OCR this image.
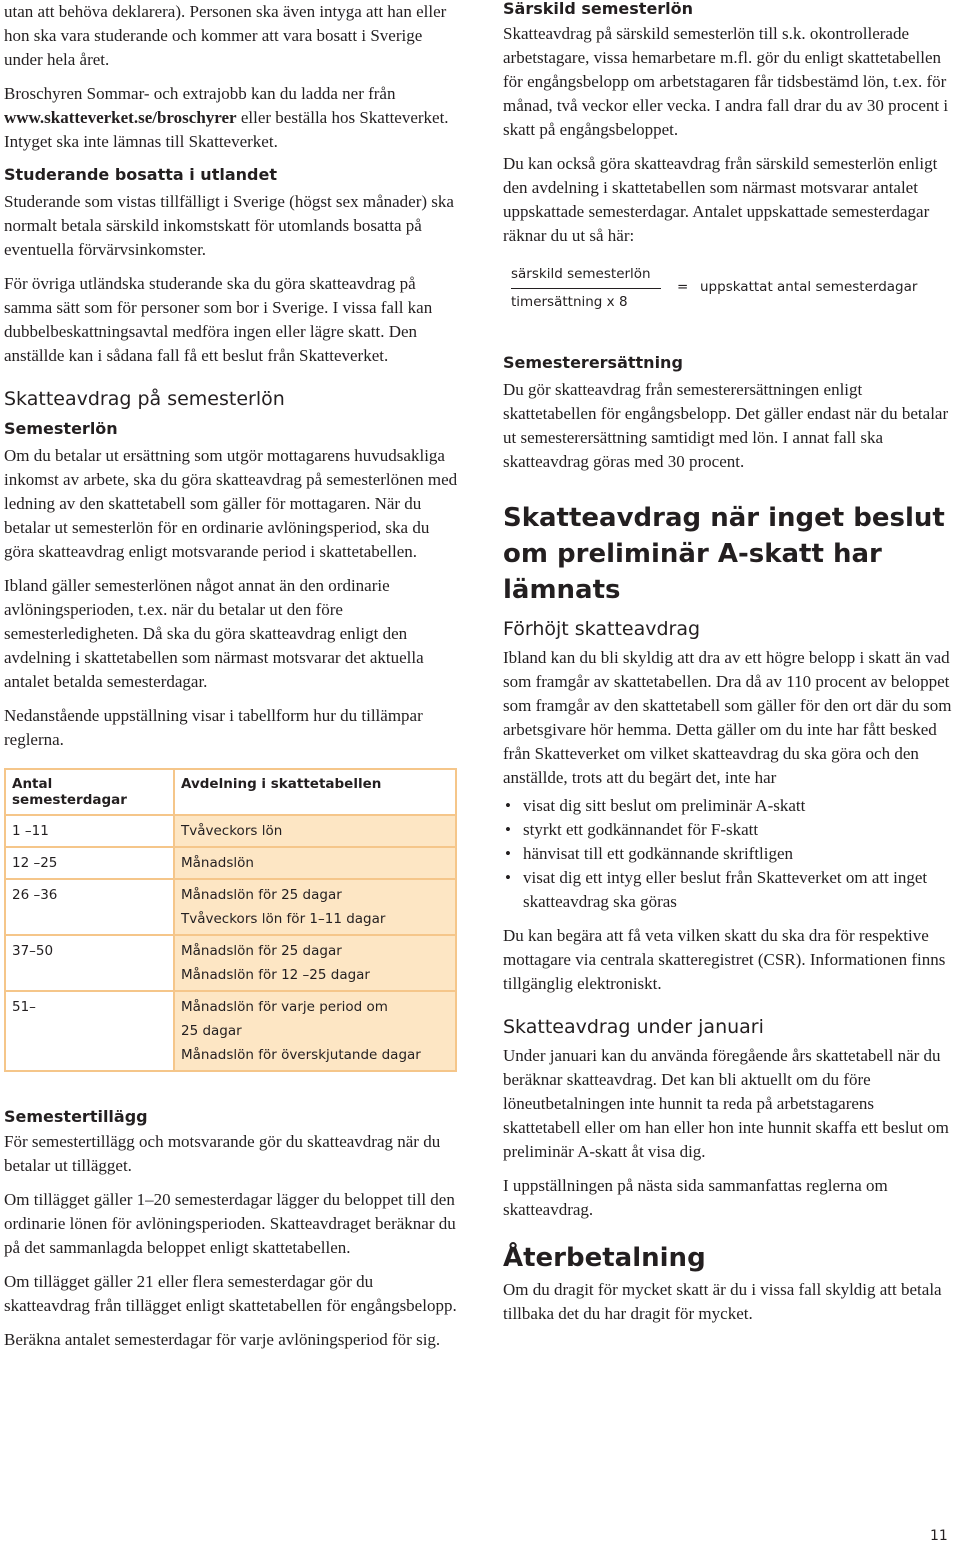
utan att behöva deklarera). Personen ska även intyga att han eller hon ska vara studerande och kommer att vara bosatt i Sverige under hela året.

Broschyren Sommar- och extrajobb kan du ladda ner från www.skatteverket.se/broschyrer eller beställa hos Skatteverket. Intyget ska inte lämnas till Skatteverket.

Studerande bosatta i utlandet

Studerande som vistas tillfälligt i Sverige (högst sex månader) ska normalt betala särskild inkomstskatt för utomlands bosatta på eventuella förvärvsinkomster.

För övriga utländska studerande ska du göra skatteavdrag på samma sätt som för personer som bor i Sverige. I vissa fall kan dubbelbeskattningsavtal medföra ingen eller lägre skatt. Den anställde kan i sådana fall få ett beslut från Skatteverket.

Skatteavdrag på semesterlön
Semesterlön

Om du betalar ut ersättning som utgör mottagarens huvudsakliga inkomst av arbete, ska du göra skatteavdrag på semesterlönen med ledning av den skattetabell som gäller för mottagaren. När du betalar ut semesterlön för en ordinarie avlöningsperiod, ska du göra skatteavdrag enligt motsvarande period i skattetabellen.

Ibland gäller semesterlönen något annat än den ordinarie avlöningsperioden, t.ex. när du betalar ut den före semesterledigheten. Då ska du göra skatteavdrag enligt den avdelning i skattetabellen som närmast motsvarar det aktuella antalet betalda semesterdagar.

Nedanstående uppställning visar i tabellform hur du tillämpar reglerna.

Antal semesterdagar	Avdelning i skattetabellen
1 –11	Tvåveckors lön

12 –25	Månadslön

26 –36	Månadslön för 25 dagar
Tvåveckors lön för 1–11 dagar

37–50	Månadslön för 25 dagar
Månadslön för 12 –25 dagar

51–	Månadslön för varje period om
25 dagar
Månadslön för överskjutande dagar
Semestertillägg

För semestertillägg och motsvarande gör du skatteavdrag när du betalar ut tillägget.

Om tillägget gäller 1–20 semesterdagar lägger du beloppet till den ordinarie lönen för avlöningsperioden. Skatteavdraget beräknar du på det sammanlagda beloppet enligt skattetabellen.

Om tillägget gäller 21 eller flera semesterdagar gör du skatteavdrag från tillägget enligt skattetabellen för engångsbelopp.

Beräkna antalet semesterdagar för varje avlöningsperiod för sig.

Särskild semesterlön

Skatteavdrag på särskild semesterlön till s.k. okontrollerade arbetstagare, vissa hemarbetare m.fl. gör du enligt skattetabellen för engångsbelopp om arbetstagaren får tidsbestämd lön, t.ex. för månad, två veckor eller vecka. I andra fall drar du av 30 procent i skatt på engångsbeloppet.

Du kan också göra skatteavdrag från särskild semesterlön enligt den avdelning i skattetabellen som närmast motsvarar antalet uppskattade semesterdagar. Antalet uppskattade semesterdagar räknar du ut så här:

särskild semesterlön
timersättning x 8
= uppskattat antal semesterdagar
Semesterersättning

Du gör skatteavdrag från semesterersättningen enligt skattetabellen för engångsbelopp. Det gäller endast när du betalar ut semesterersättning samtidigt med lön. I annat fall ska skatteavdrag göras med 30 procent.

Skatteavdrag när inget beslut om preliminär A-skatt har lämnats
Förhöjt skatteavdrag

Ibland kan du bli skyldig att dra av ett högre belopp i skatt än vad som framgår av skattetabellen. Dra då av 110 procent av beloppet som framgår av den skattetabell som gäller för den ort där du som arbetsgivare hör hemma. Detta gäller om du inte har fått besked från Skatteverket om vilket skatteavdrag du ska göra och den anställde, trots att du begärt det, inte har

• visat dig sitt beslut om preliminär A-skatt
• styrkt ett godkännandet för F-skatt
• hänvisat till ett godkännande skriftligen
• visat dig ett intyg eller beslut från Skatteverket om att inget skatteavdrag ska göras

Du kan begära att få veta vilken skatt du ska dra för respektive mottagare via centrala skatteregistret (CSR). Informationen finns tillgänglig elektroniskt.

Skatteavdrag under januari

Under januari kan du använda föregående års skattetabell när du beräknar skatteavdrag. Det kan bli aktuellt om du före löneutbetalningen inte hunnit ta reda på arbetstagarens skattetabell eller om han eller hon inte hunnit skaffa ett beslut om preliminär A-skatt åt visa dig.

I uppställningen på nästa sida sammanfattas reglerna om skatteavdrag.

Återbetalning

Om du dragit för mycket skatt är du i vissa fall skyldig att betala tillbaka det du har dragit för mycket.

11
